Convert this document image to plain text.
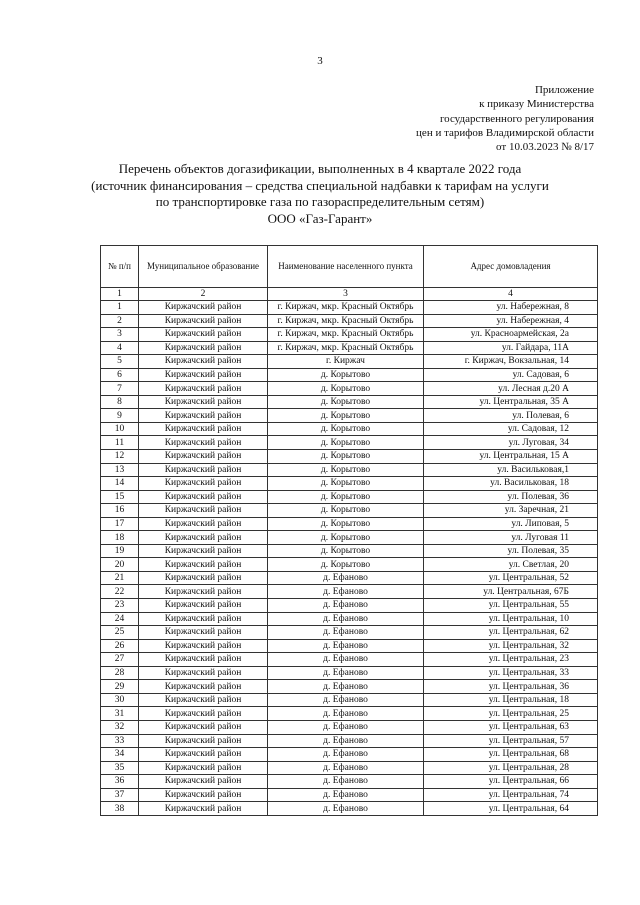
3
Приложение
к приказу Министерства
государственного регулирования
цен и тарифов Владимирской области
от 10.03.2023 № 8/17
Перечень объектов догазификации, выполненных в 4 квартале 2022 года
(источник финансирования – средства специальной надбавки к тарифам на услуги
по транспортировке газа по газораспределительным сетям)
ООО «Газ-Гарант»
№ п/п	Муниципальное образование	Наименование населенного пункта	Адрес домовладения
1	2	3	4
1	Киржачский район	г. Киржач, мкр. Красный Октябрь	ул. Набережная, 8
2	Киржачский район	г. Киржач, мкр. Красный Октябрь	ул. Набережная, 4
3	Киржачский район	г. Киржач, мкр. Красный Октябрь	ул. Красноармейская, 2а
4	Киржачский район	г. Киржач, мкр. Красный Октябрь	ул. Гайдара, 11А
5	Киржачский район	г. Киржач	г. Киржач, Вокзальная, 14
6	Киржачский район	д. Корытово	ул. Садовая, 6
7	Киржачский район	д. Корытово	ул. Лесная д.20 А
8	Киржачский район	д. Корытово	ул. Центральная, 35 А
9	Киржачский район	д. Корытово	ул. Полевая, 6
10	Киржачский район	д. Корытово	ул. Садовая, 12
11	Киржачский район	д. Корытово	ул. Луговая, 34
12	Киржачский район	д. Корытово	ул. Центральная, 15 А
13	Киржачский район	д. Корытово	ул. Васильковая,1
14	Киржачский район	д. Корытово	ул. Васильковая, 18
15	Киржачский район	д. Корытово	ул. Полевая, 36
16	Киржачский район	д. Корытово	ул. Заречная, 21
17	Киржачский район	д. Корытово	ул. Липовая, 5
18	Киржачский район	д. Корытово	ул. Луговая 11
19	Киржачский район	д. Корытово	ул. Полевая, 35
20	Киржачский район	д. Корытово	ул. Светлая, 20
21	Киржачский район	д. Ефаново	ул. Центральная, 52
22	Киржачский район	д. Ефаново	ул. Центральная, 67Б
23	Киржачский район	д. Ефаново	ул. Центральная, 55
24	Киржачский район	д. Ефаново	ул. Центральная, 10
25	Киржачский район	д. Ефаново	ул. Центральная, 62
26	Киржачский район	д. Ефаново	ул. Центральная, 32
27	Киржачский район	д. Ефаново	ул. Центральная, 23
28	Киржачский район	д. Ефаново	ул. Центральная, 33
29	Киржачский район	д. Ефаново	ул. Центральная, 36
30	Киржачский район	д. Ефаново	ул. Центральная, 18
31	Киржачский район	д. Ефаново	ул. Центральная, 25
32	Киржачский район	д. Ефаново	ул. Центральная, 63
33	Киржачский район	д. Ефаново	ул. Центральная, 57
34	Киржачский район	д. Ефаново	ул. Центральная, 68
35	Киржачский район	д. Ефаново	ул. Центральная, 28
36	Киржачский район	д. Ефаново	ул. Центральная, 66
37	Киржачский район	д. Ефаново	ул. Центральная, 74
38	Киржачский район	д. Ефаново	ул. Центральная, 64
